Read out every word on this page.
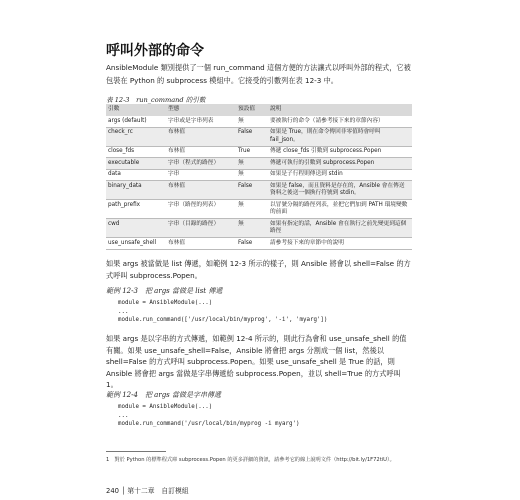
呼叫外部的命令
AnsibleModule 類別提供了一個 run_command 這個方便的方法讓式以呼叫外部的程式，它被包裝在 Python 的 subprocess 模組中。它接受的引數列在表 12-3 中。
表 12-3　run_command 的引數
引數	型態	預設值	說明
args (default)	字串或是字串列表	無	要被執行的命令（請參考接下來的章節內容）
check_rc	布林值	False	如果是 True，則在命令傳回非零值時會呼叫 fail_json。
close_fds	布林值	True	傳遞 close_fds 引數到 subprocess.Popen
executable	字串（程式的路徑）	無	傳遞可執行的引數到 subprocess.Popen
data	字串	無	如果是子行程則傳送到 stdin
binary_data	布林值	False	如果是 false，而且資料是存在的，Ansible 會在傳送資料之後送一個換行符號到 stdin。
path_prefix	字串（路徑的列表）	無	以冒號分隔的路徑列表，並把它們加到 PATH 環境變數的前面
cwd	字串（目錄的路徑）	無	如果有指定的話，Ansible 會在執行之前先變更到這個路徑
use_unsafe_shell	布林值	False	請參考接下來的章節中的說明
如果 args 被當做是 list 傳遞，如範例 12-3 所示的樣子，則 Ansible 將會以 shell=False 的方式呼叫 subprocess.Popen。
範例 12-3　把 args 當做是 list 傳遞
module = AnsibleModule(...)
...
module.run_command(['/usr/local/bin/myprog', '-i', 'myarg'])
如果 args 是以字串的方式傳遞，如範例 12-4 所示的，則此行為會和 use_unsafe_shell 的值有關。如果 use_unsafe_shell=False，Ansible 將會把 args 分割成一個 list，然後以 shell=False 的方式呼叫 subprocess.Popen。如果 use_unsafe_shell 是 True 的話，則 Ansible 將會把 args 當做是字串傳遞給 subprocess.Popen，並以 shell=True 的方式呼叫 1。
範例 12-4　把 args 當做是字串傳遞
module = AnsibleModule(...)
...
module.run_command('/usr/local/bin/myprog -i myarg')
1　對於 Python 的標準程式庫 subprocess.Popen 的更多詳細的資訊，請參考它的線上說明文件（http://bit.ly/1F72tiU）。
240 │ 第十二章　自訂模組
